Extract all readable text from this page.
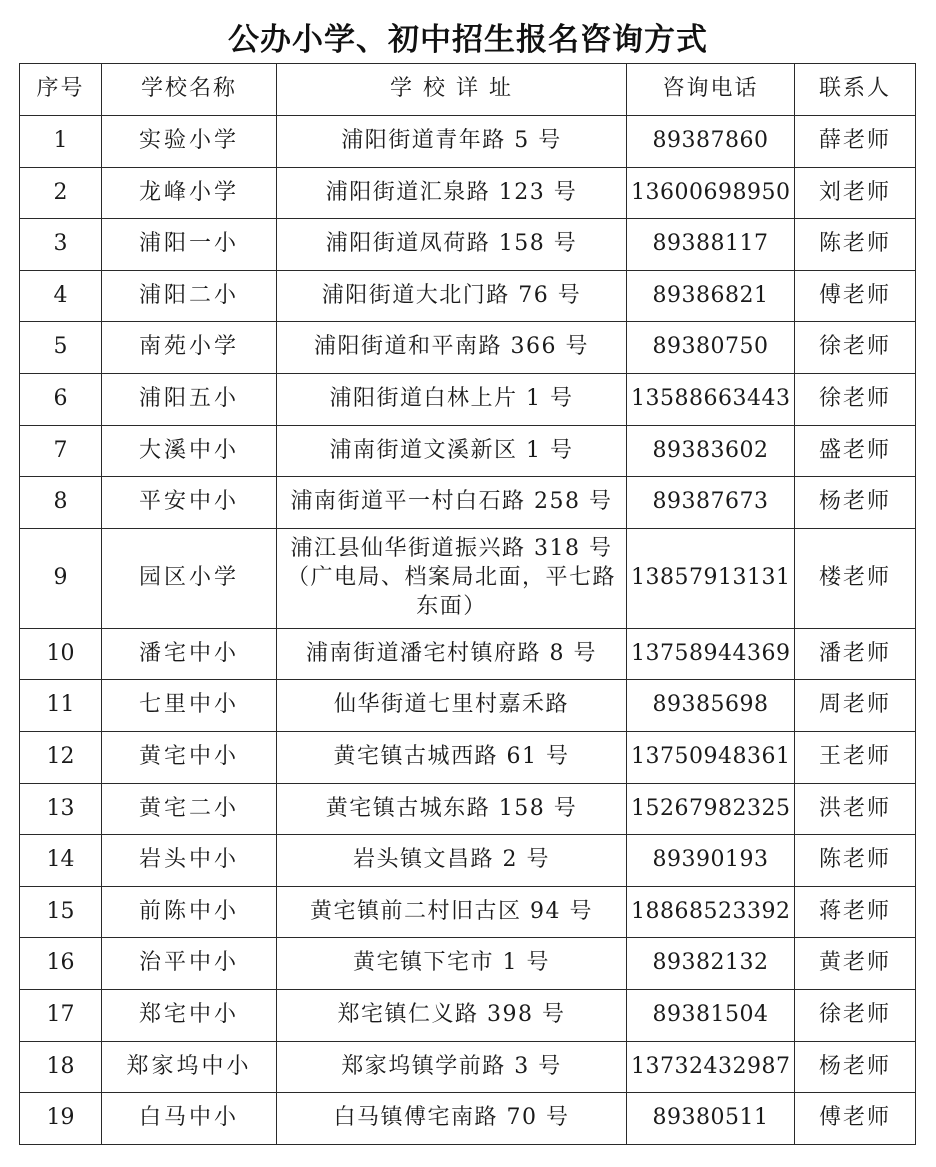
公办小学、初中招生报名咨询方式
序号	学校名称	学 校 详 址	咨询电话	联系人
1	实验小学	浦阳街道青年路 5 号	89387860	薛老师
2	龙峰小学	浦阳街道汇泉路 123 号	13600698950	刘老师
3	浦阳一小	浦阳街道凤荷路 158 号	89388117	陈老师
4	浦阳二小	浦阳街道大北门路 76 号	89386821	傅老师
5	南苑小学	浦阳街道和平南路 366 号	89380750	徐老师
6	浦阳五小	浦阳街道白林上片 1 号	13588663443	徐老师
7	大溪中小	浦南街道文溪新区 1 号	89383602	盛老师
8	平安中小	浦南街道平一村白石路 258 号	89387673	杨老师
9	园区小学	浦江县仙华街道振兴路 318 号（广电局、档案局北面，平七路东面）	13857913131	楼老师
10	潘宅中小	浦南街道潘宅村镇府路 8 号	13758944369	潘老师
11	七里中小	仙华街道七里村嘉禾路	89385698	周老师
12	黄宅中小	黄宅镇古城西路 61 号	13750948361	王老师
13	黄宅二小	黄宅镇古城东路 158 号	15267982325	洪老师
14	岩头中小	岩头镇文昌路 2 号	89390193	陈老师
15	前陈中小	黄宅镇前二村旧古区 94 号	18868523392	蒋老师
16	治平中小	黄宅镇下宅市 1 号	89382132	黄老师
17	郑宅中小	郑宅镇仁义路 398 号	89381504	徐老师
18	郑家坞中小	郑家坞镇学前路 3 号	13732432987	杨老师
19	白马中小	白马镇傅宅南路 70 号	89380511	傅老师
